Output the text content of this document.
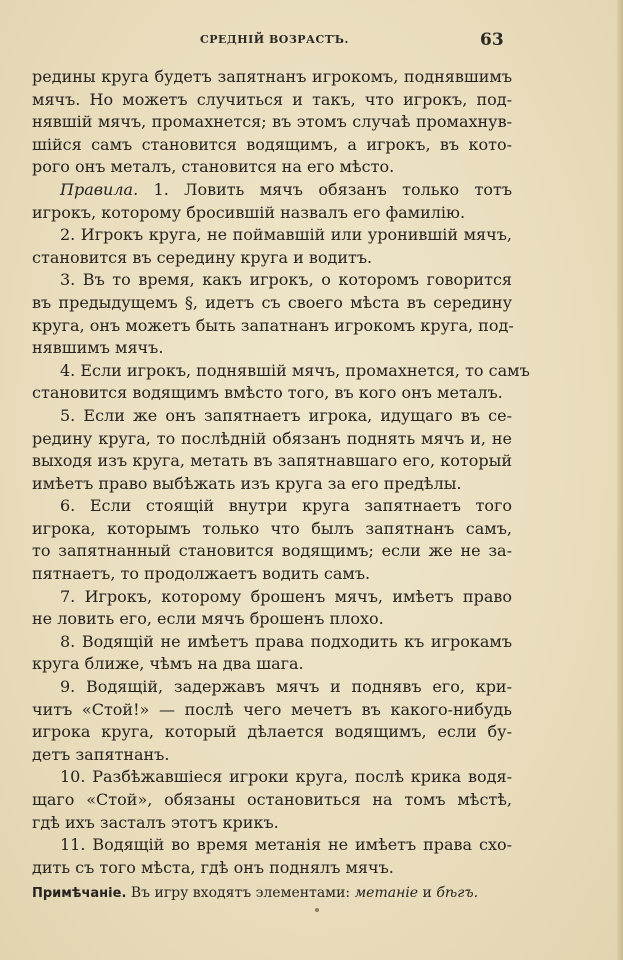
СРЕДНІЙ ВОЗРАСТЪ.	63
редины круга будетъ запятнанъ игрокомъ, поднявшимъ
мячъ. Но можетъ случиться и такъ, что игрокъ, под-
нявшій мячъ, промахнется; въ этомъ случаѣ промахнув-
шійся самъ становится водящимъ, а игрокъ, въ кото-
рого онъ металъ, становится на его мѣсто.
Правила. 1. Ловить мячъ обязанъ только тотъ
игрокъ, которому бросившій назвалъ его фамилію.
2. Игрокъ круга, не поймавшій или уронившій мячъ,
становится въ середину круга и водитъ.
3. Въ то время, какъ игрокъ, о которомъ говорится
въ предыдущемъ §, идетъ съ своего мѣста въ середину
круга, онъ можетъ быть запатнанъ игрокомъ круга, под-
нявшимъ мячъ.
4. Если игрокъ, поднявшій мячъ, промахнется, то самъ
становится водящимъ вмѣсто того, въ кого онъ металъ.
5. Если же онъ запятнаетъ игрока, идущаго въ се-
редину круга, то послѣдній обязанъ поднять мячъ и, не
выходя изъ круга, метать въ запятнавшаго его, который
имѣетъ право выбѣжать изъ круга за его предѣлы.
6. Если стоящій внутри круга запятнаетъ того
игрока, которымъ только что былъ запятнанъ самъ,
то запятнанный становится водящимъ; если же не за-
пятнаетъ, то продолжаетъ водить самъ.
7. Игрокъ, которому брошенъ мячъ, имѣетъ право
не ловить его, если мячъ брошенъ плохо.
8. Водящій не имѣетъ права подходить къ игрокамъ
круга ближе, чѣмъ на два шага.
9. Водящій, задержавъ мячъ и поднявъ его, кри-
читъ «Стой!» — послѣ чего мечетъ въ какого-нибудь
игрока круга, который дѣлается водящимъ, если бу-
детъ запятнанъ.
10. Разбѣжавшіеся игроки круга, послѣ крика водя-
щаго «Стой», обязаны остановиться на томъ мѣстѣ,
гдѣ ихъ засталъ этотъ крикъ.
11. Водящій во время метанія не имѣетъ права схо-
дить съ того мѣста, гдѣ онъ поднялъ мячъ.
Примѣчаніе. Въ игру входятъ элементами: метаніе и бѣгъ.
